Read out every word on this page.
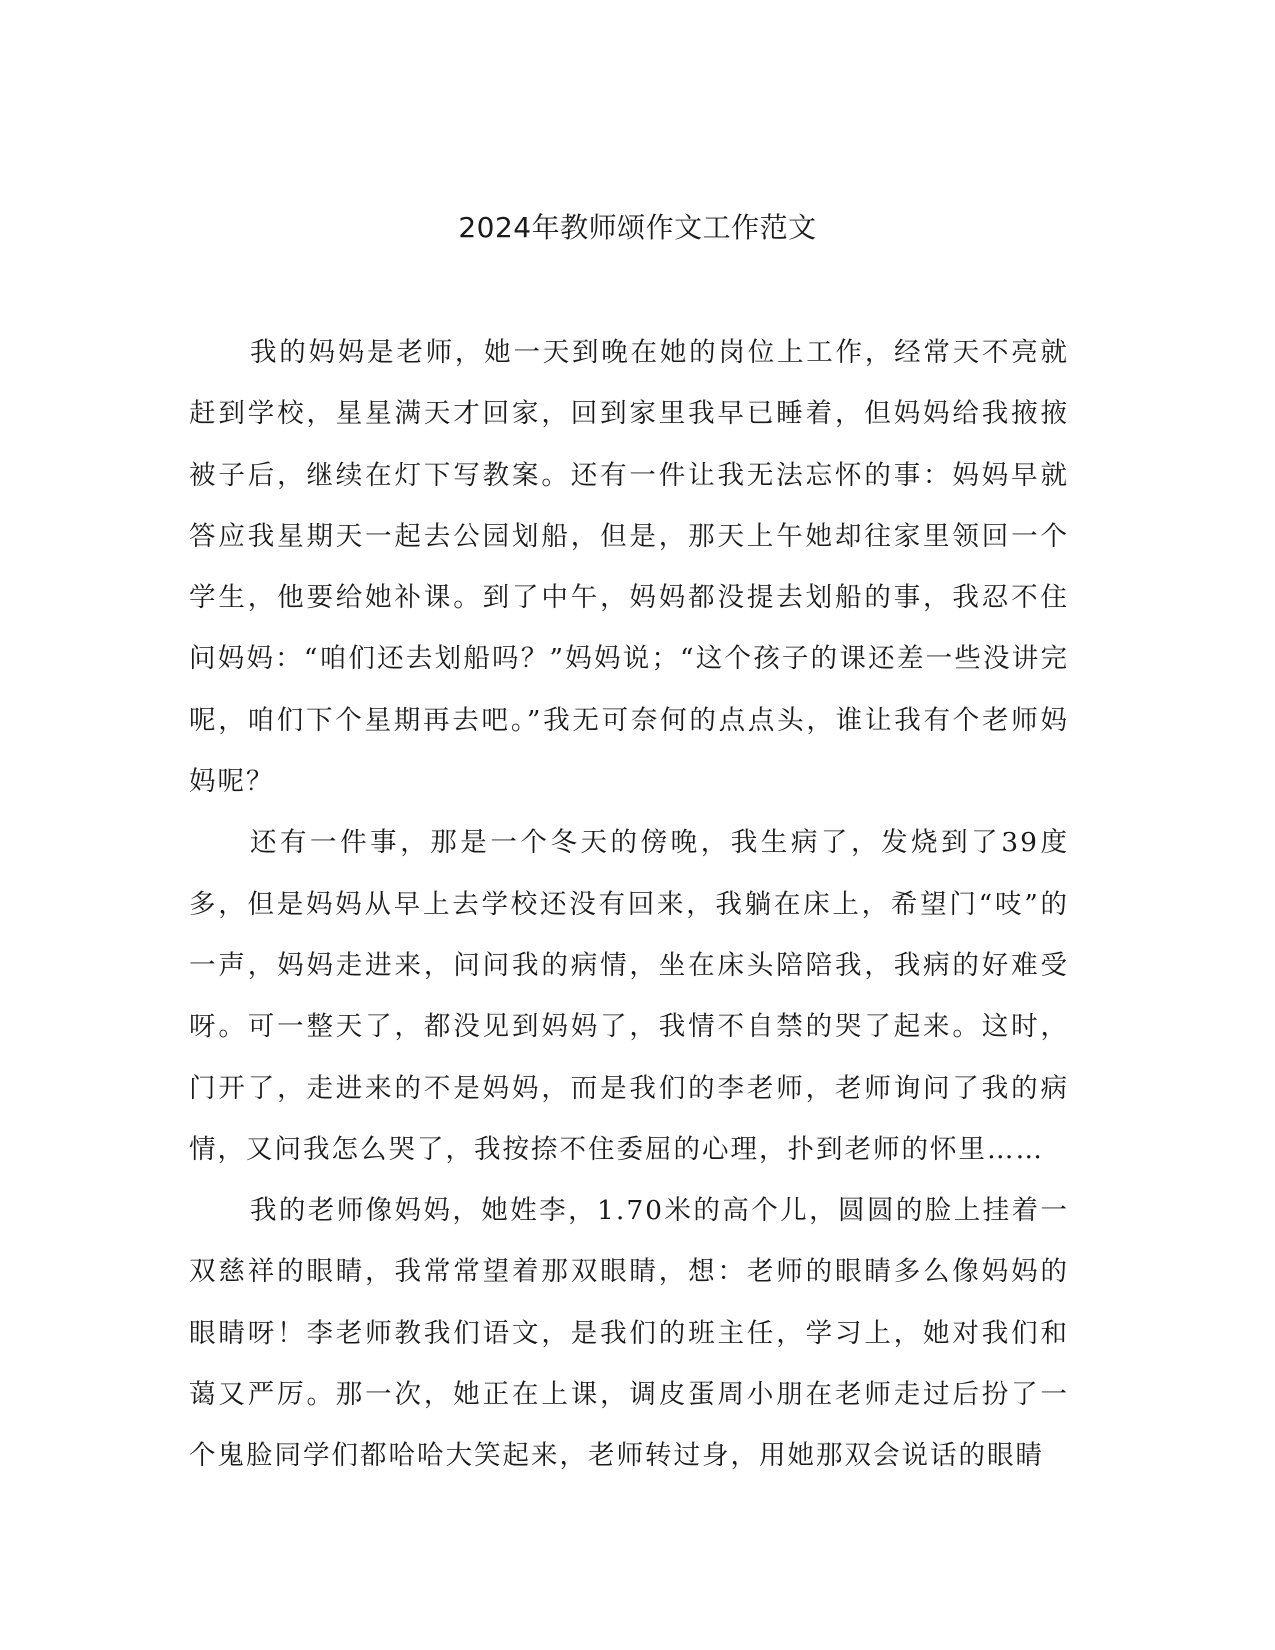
2024年教师颂作文工作范文

我的妈妈是老师，她一天到晚在她的岗位上工作，经常天不亮就赶到学校，星星满天才回家，回到家里我早已睡着，但妈妈给我掖掖被子后，继续在灯下写教案。还有一件让我无法忘怀的事：妈妈早就答应我星期天一起去公园划船，但是，那天上午她却往家里领回一个学生，他要给她补课。到了中午，妈妈都没提去划船的事，我忍不住问妈妈：“咱们还去划船吗？”妈妈说；“这个孩子的课还差一些没讲完呢，咱们下个星期再去吧。”我无可奈何的点点头，谁让我有个老师妈妈呢？

还有一件事，那是一个冬天的傍晚，我生病了，发烧到了39度多，但是妈妈从早上去学校还没有回来，我躺在床上，希望门“吱”的一声，妈妈走进来，问问我的病情，坐在床头陪陪我，我病的好难受呀。可一整天了，都没见到妈妈了，我情不自禁的哭了起来。这时，门开了，走进来的不是妈妈，而是我们的李老师，老师询问了我的病情，又问我怎么哭了，我按捺不住委屈的心理，扑到老师的怀里……

我的老师像妈妈，她姓李，1.70米的高个儿，圆圆的脸上挂着一双慈祥的眼睛，我常常望着那双眼睛，想：老师的眼睛多么像妈妈的眼睛呀！李老师教我们语文，是我们的班主任，学习上，她对我们和蔼又严厉。那一次，她正在上课，调皮蛋周小朋在老师走过后扮了一个鬼脸同学们都哈哈大笑起来，老师转过身，用她那双会说话的眼睛
